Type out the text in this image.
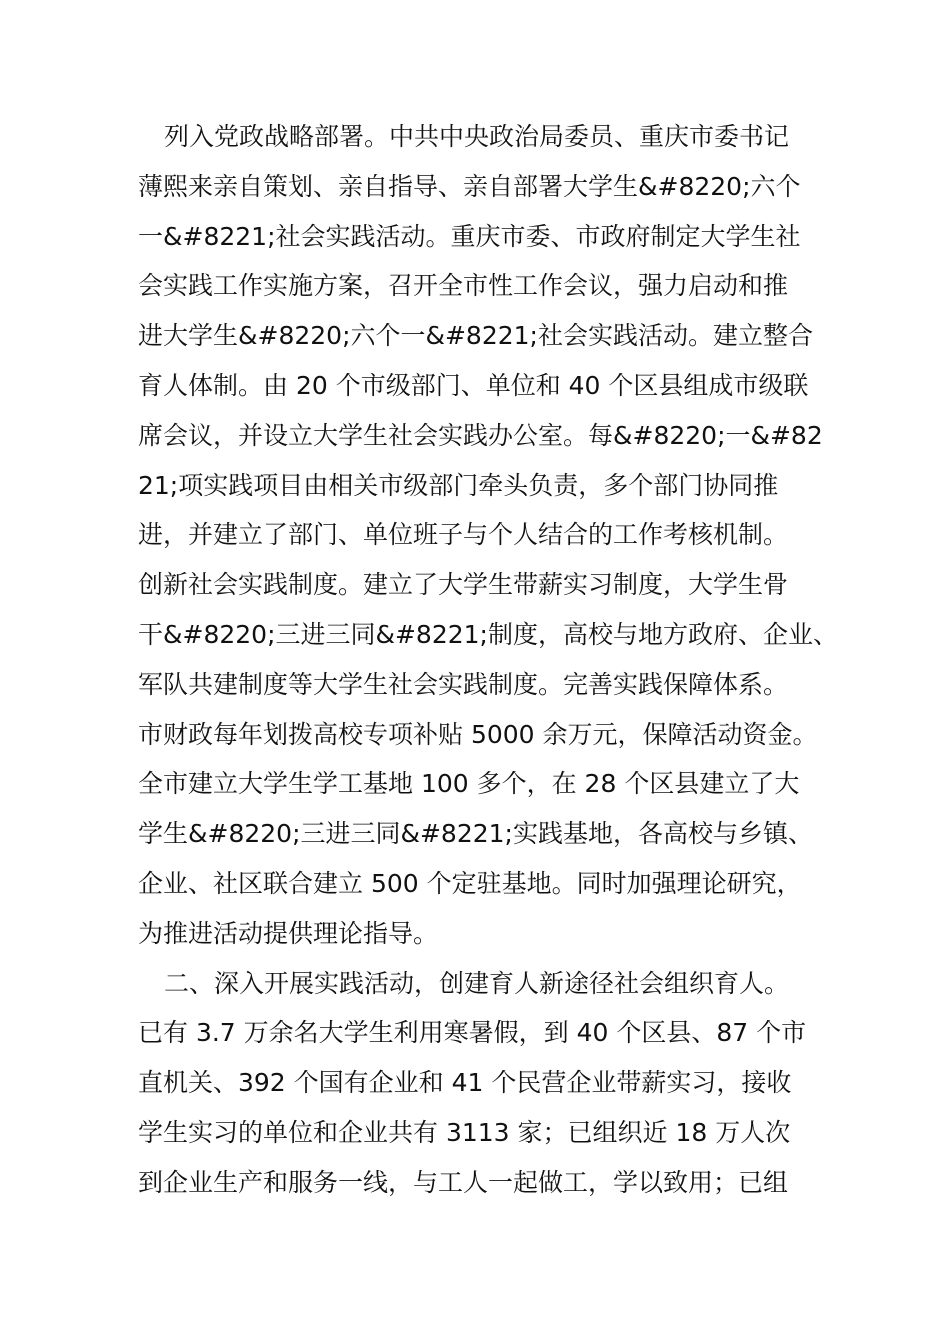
列入党政战略部署。中共中央政治局委员、重庆市委书记
薄熙来亲自策划、亲自指导、亲自部署大学生&#8220;六个
一&#8221;社会实践活动。重庆市委、市政府制定大学生社
会实践工作实施方案，召开全市性工作会议，强力启动和推
进大学生&#8220;六个一&#8221;社会实践活动。建立整合
育人体制。由 20 个市级部门、单位和 40 个区县组成市级联
席会议，并设立大学生社会实践办公室。每&#8220;一&#82
21;项实践项目由相关市级部门牵头负责，多个部门协同推
进，并建立了部门、单位班子与个人结合的工作考核机制。
创新社会实践制度。建立了大学生带薪实习制度，大学生骨
干&#8220;三进三同&#8221;制度，高校与地方政府、企业、
军队共建制度等大学生社会实践制度。完善实践保障体系。
市财政每年划拨高校专项补贴 5000 余万元，保障活动资金。
全市建立大学生学工基地 100 多个，在 28 个区县建立了大
学生&#8220;三进三同&#8221;实践基地，各高校与乡镇、
企业、社区联合建立 500 个定驻基地。同时加强理论研究，
为推进活动提供理论指导。
二、深入开展实践活动，创建育人新途径社会组织育人。
已有 3.7 万余名大学生利用寒暑假，到 40 个区县、87 个市
直机关、392 个国有企业和 41 个民营企业带薪实习，接收
学生实习的单位和企业共有 3113 家；已组织近 18 万人次
到企业生产和服务一线，与工人一起做工，学以致用；已组
